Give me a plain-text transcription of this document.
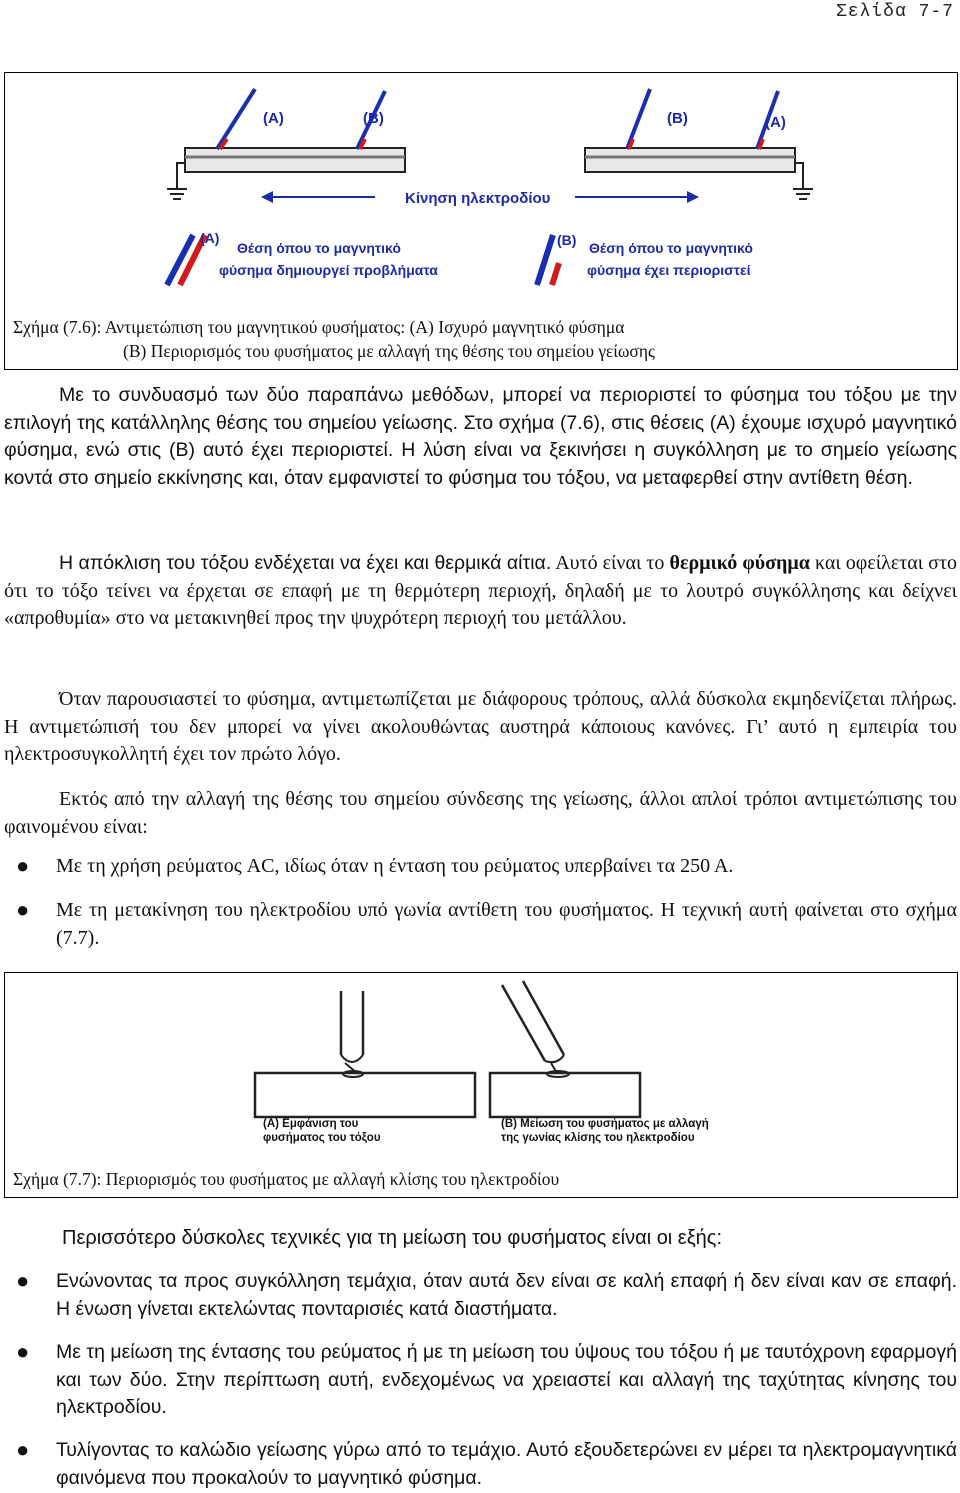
Σελίδα 7-7
(A)	(B)	(B)	(A)
Κίνηση ηλεκτροδίου
(A)
Θέση όπου το μαγνητικό
φύσημα δημιουργεί προβλήματα
(B) Θέση όπου το μαγνητικό
φύσημα έχει περιοριστεί
Σχήμα (7.6): Αντιμετώπιση του μαγνητικού φυσήματος: (Α) Ισχυρό μαγνητικό φύσημα
(Β) Περιορισμός του φυσήματος με αλλαγή της θέσης του σημείου γείωσης
Με το συνδυασμό των δύο παραπάνω μεθόδων, μπορεί να περιοριστεί το φύσημα του τόξου με την επιλογή της κατάλληλης θέσης του σημείου γείωσης. Στο σχήμα (7.6), στις θέσεις (Α) έχουμε ισχυρό μαγνητικό φύσημα, ενώ στις (Β) αυτό έχει περιοριστεί. Η λύση είναι να ξεκινήσει η συγκόλληση με το σημείο γείωσης κοντά στο σημείο εκκίνησης και, όταν εμφανιστεί το φύσημα του τόξου, να μεταφερθεί στην αντίθετη θέση.
Η απόκλιση του τόξου ενδέχεται να έχει και θερμικά αίτια. Αυτό είναι το θερμικό φύσημα και οφείλεται στο ότι το τόξο τείνει να έρχεται σε επαφή με τη θερμότερη περιοχή, δηλαδή με το λουτρό συγκόλλησης και δείχνει «απροθυμία» στο να μετακινηθεί προς την ψυχρότερη περιοχή του μετάλλου.
Όταν παρουσιαστεί το φύσημα, αντιμετωπίζεται με διάφορους τρόπους, αλλά δύσκολα εκμηδενίζεται πλήρως. Η αντιμετώπισή του δεν μπορεί να γίνει ακολουθώντας αυστηρά κάποιους κανόνες. Γι’ αυτό η εμπειρία του ηλεκτροσυγκολλητή έχει τον πρώτο λόγο.
Εκτός από την αλλαγή της θέσης του σημείου σύνδεσης της γείωσης, άλλοι απλοί τρόποι αντιμετώπισης του φαινομένου είναι:
● Με τη χρήση ρεύματος AC, ιδίως όταν η ένταση του ρεύματος υπερβαίνει τα 250 Α.
● Με τη μετακίνηση του ηλεκτροδίου υπό γωνία αντίθετη του φυσήματος. Η τεχνική αυτή φαίνεται στο σχήμα (7.7).
(Α) Εμφάνιση του
φυσήματος του τόξου
(Β) Μείωση του φυσήματος με αλλαγή
της γωνίας κλίσης του ηλεκτροδίου
Σχήμα (7.7): Περιορισμός του φυσήματος με αλλαγή κλίσης του ηλεκτροδίου
Περισσότερο δύσκολες τεχνικές για τη μείωση του φυσήματος είναι οι εξής:
● Ενώνοντας τα προς συγκόλληση τεμάχια, όταν αυτά δεν είναι σε καλή επαφή ή δεν είναι καν σε επαφή. Η ένωση γίνεται εκτελώντας πονταρισιές κατά διαστήματα.
● Με τη μείωση της έντασης του ρεύματος ή με τη μείωση του ύψους του τόξου ή με ταυτόχρονη εφαρμογή και των δύο. Στην περίπτωση αυτή, ενδεχομένως να χρειαστεί και αλλαγή της ταχύτητας κίνησης του ηλεκτροδίου.
● Τυλίγοντας το καλώδιο γείωσης γύρω από το τεμάχιο. Αυτό εξουδετερώνει εν μέρει τα ηλεκτρομαγνητικά φαινόμενα που προκαλούν το μαγνητικό φύσημα.
